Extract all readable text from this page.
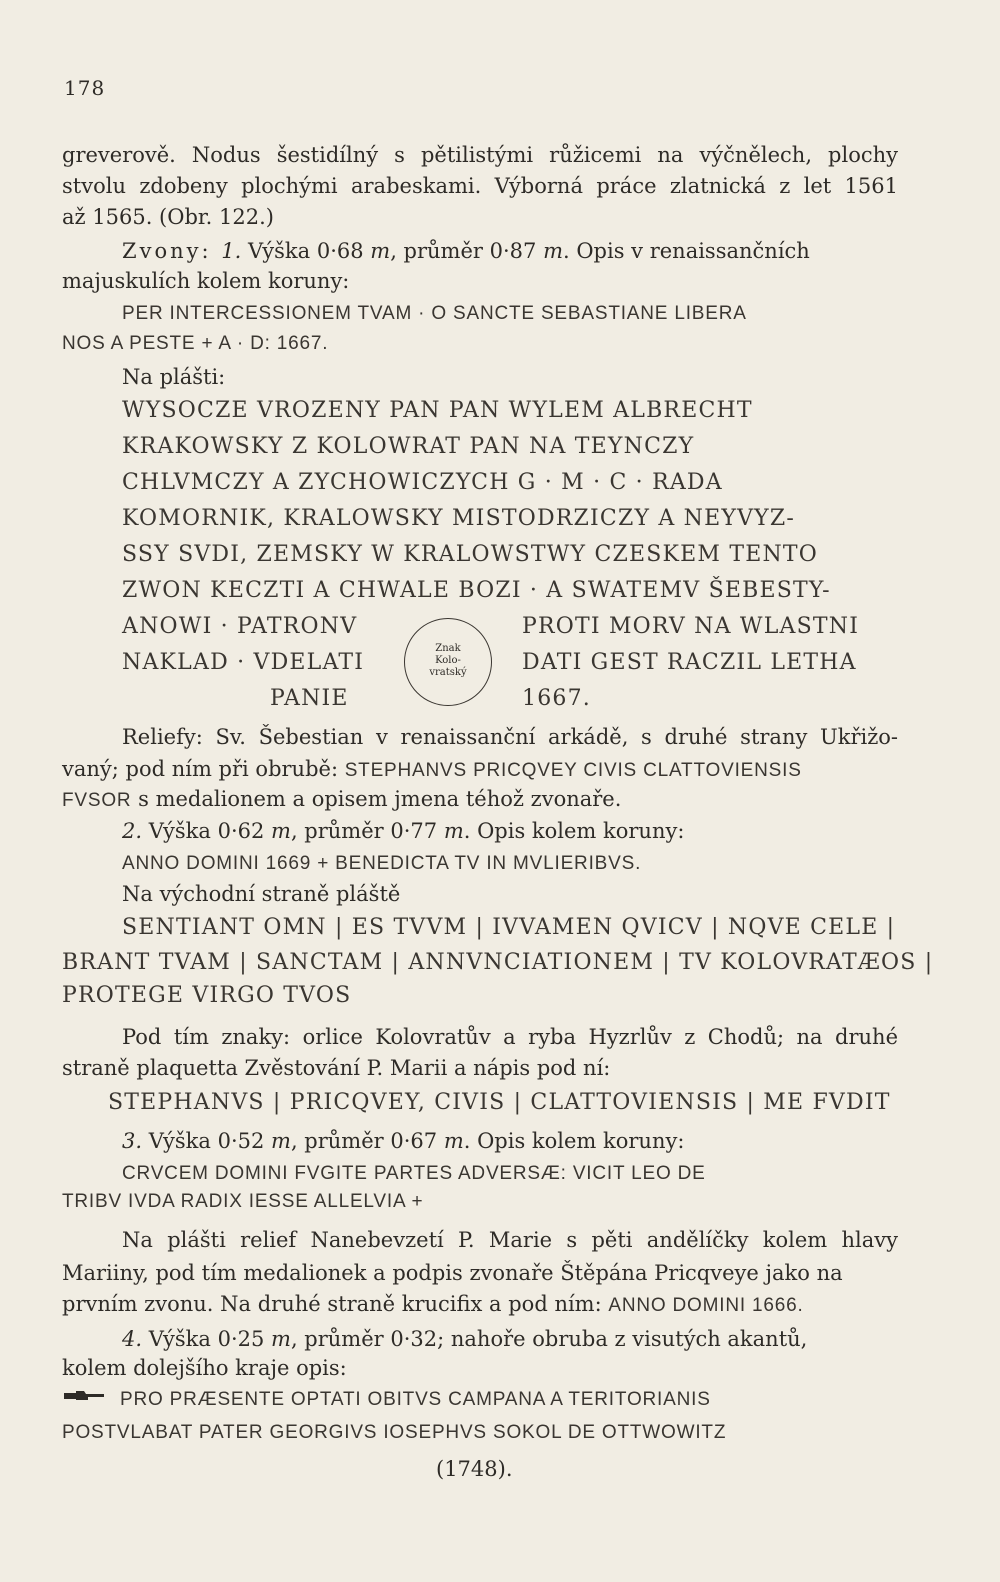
178
greverově. Nodus šestidílný s pětilistými růžicemi na výčnělech, plochy
stvolu zdobeny plochými arabeskami. Výborná práce zlatnická z let 1561
až 1565. (Obr. 122.)
Zvony: 1. Výška 0·68 m, průměr 0·87 m. Opis v renaissančních
majuskulích kolem koruny:
PER INTERCESSIONEM TVAM · O SANCTE SEBASTIANE LIBERA
NOS A PESTE + A · D: 1667.
Na plášti:
WYSOCZE VROZENY PAN PAN WYLEM ALBRECHT
KRAKOWSKY Z KOLOWRAT PAN NA TEYNCZY
CHLVMCZY A ZYCHOWICZYCH G · M · C · RADA
KOMORNIK, KRALOWSKY MISTODRZICZY A NEYVYZ-
SSY SVDI, ZEMSKY W KRALOWSTWY CZESKEM TENTO
ZWON KECZTI A CHWALE BOZI · A SWATEMV ŠEBESTY-
ANOWI · PATRONV	PROTI MORV NA WLASTNI
NAKLAD · VDELATI	DATI GEST RACZIL LETHA
PANIE	1667.
Znak
Kolo-
vratský
Reliefy: Sv. Šebestian v renaissanční arkádě, s druhé strany Ukřižo-
vaný; pod ním při obrubě: STEPHANVS PRICQVEY CIVIS CLATTOVIENSIS
FVSOR s medalionem a opisem jmena téhož zvonaře.
2. Výška 0·62 m, průměr 0·77 m. Opis kolem koruny:
ANNO DOMINI 1669 + BENEDICTA TV IN MVLIERIBVS.
Na východní straně pláště
SENTIANT OMN | ES TVVM | IVVAMEN QVICV | NQVE CELE |
BRANT TVAM | SANCTAM | ANNVNCIATIONEM | TV KOLOVRATÆOS |
PROTEGE VIRGO TVOS
Pod tím znaky: orlice Kolovratův a ryba Hyzrlův z Chodů; na druhé
straně plaquetta Zvěstování P. Marii a nápis pod ní:
STEPHANVS | PRICQVEY, CIVIS | CLATTOVIENSIS | ME FVDIT
3. Výška 0·52 m, průměr 0·67 m. Opis kolem koruny:
CRVCEM DOMINI FVGITE PARTES ADVERSÆ: VICIT LEO DE
TRIBV IVDA RADIX IESSE ALLELVIA +
Na plášti relief Nanebevzetí P. Marie s pěti andělíčky kolem hlavy
Mariiny, pod tím medalionek a podpis zvonaře Štěpána Pricqveye jako na
prvním zvonu. Na druhé straně krucifix a pod ním: ANNO DOMINI 1666.
4. Výška 0·25 m, průměr 0·32; nahoře obruba z visutých akantů,
kolem dolejšího kraje opis:
PRO PRÆSENTE OPTATI OBITVS CAMPANA A TERITORIANIS
POSTVLABAT PATER GEORGIVS IOSEPHVS SOKOL DE OTTWOWITZ
(1748).
